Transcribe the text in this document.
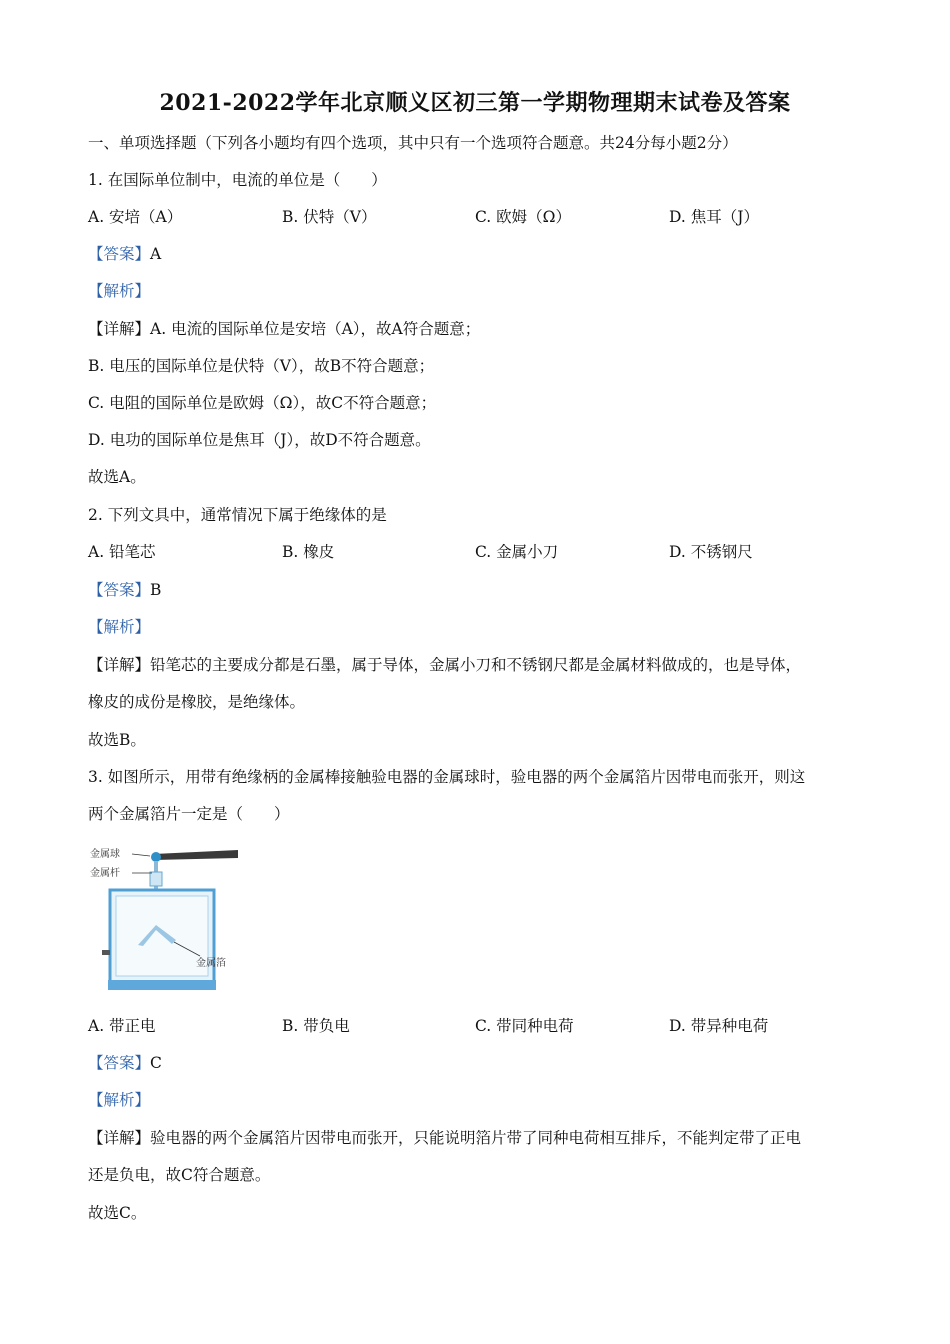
2021-2022学年北京顺义区初三第一学期物理期末试卷及答案
一、单项选择题（下列各小题均有四个选项，其中只有一个选项符合题意。共24分每小题2分）
1. 在国际单位制中，电流的单位是（　　）
A. 安培（A）	B. 伏特（V）	C. 欧姆（Ω）	D. 焦耳（J）
【答案】A
【解析】
【详解】A. 电流的国际单位是安培（A），故A符合题意；
B. 电压的国际单位是伏特（V），故B不符合题意；
C. 电阻的国际单位是欧姆（Ω），故C不符合题意；
D. 电功的国际单位是焦耳（J），故D不符合题意。
故选A。
2. 下列文具中，通常情况下属于绝缘体的是
A. 铅笔芯	B. 橡皮	C. 金属小刀	D. 不锈钢尺
【答案】B
【解析】
【详解】铅笔芯的主要成分都是石墨，属于导体，金属小刀和不锈钢尺都是金属材料做成的，也是导体，
橡皮的成份是橡胶，是绝缘体。
故选B。
3. 如图所示，用带有绝缘柄的金属棒接触验电器的金属球时，验电器的两个金属箔片因带电而张开，则这
两个金属箔片一定是（　　）
金属球
金属杆
金属箔
A. 带正电	B. 带负电	C. 带同种电荷	D. 带异种电荷
【答案】C
【解析】
【详解】验电器的两个金属箔片因带电而张开，只能说明箔片带了同种电荷相互排斥，不能判定带了正电
还是负电，故C符合题意。
故选C。
